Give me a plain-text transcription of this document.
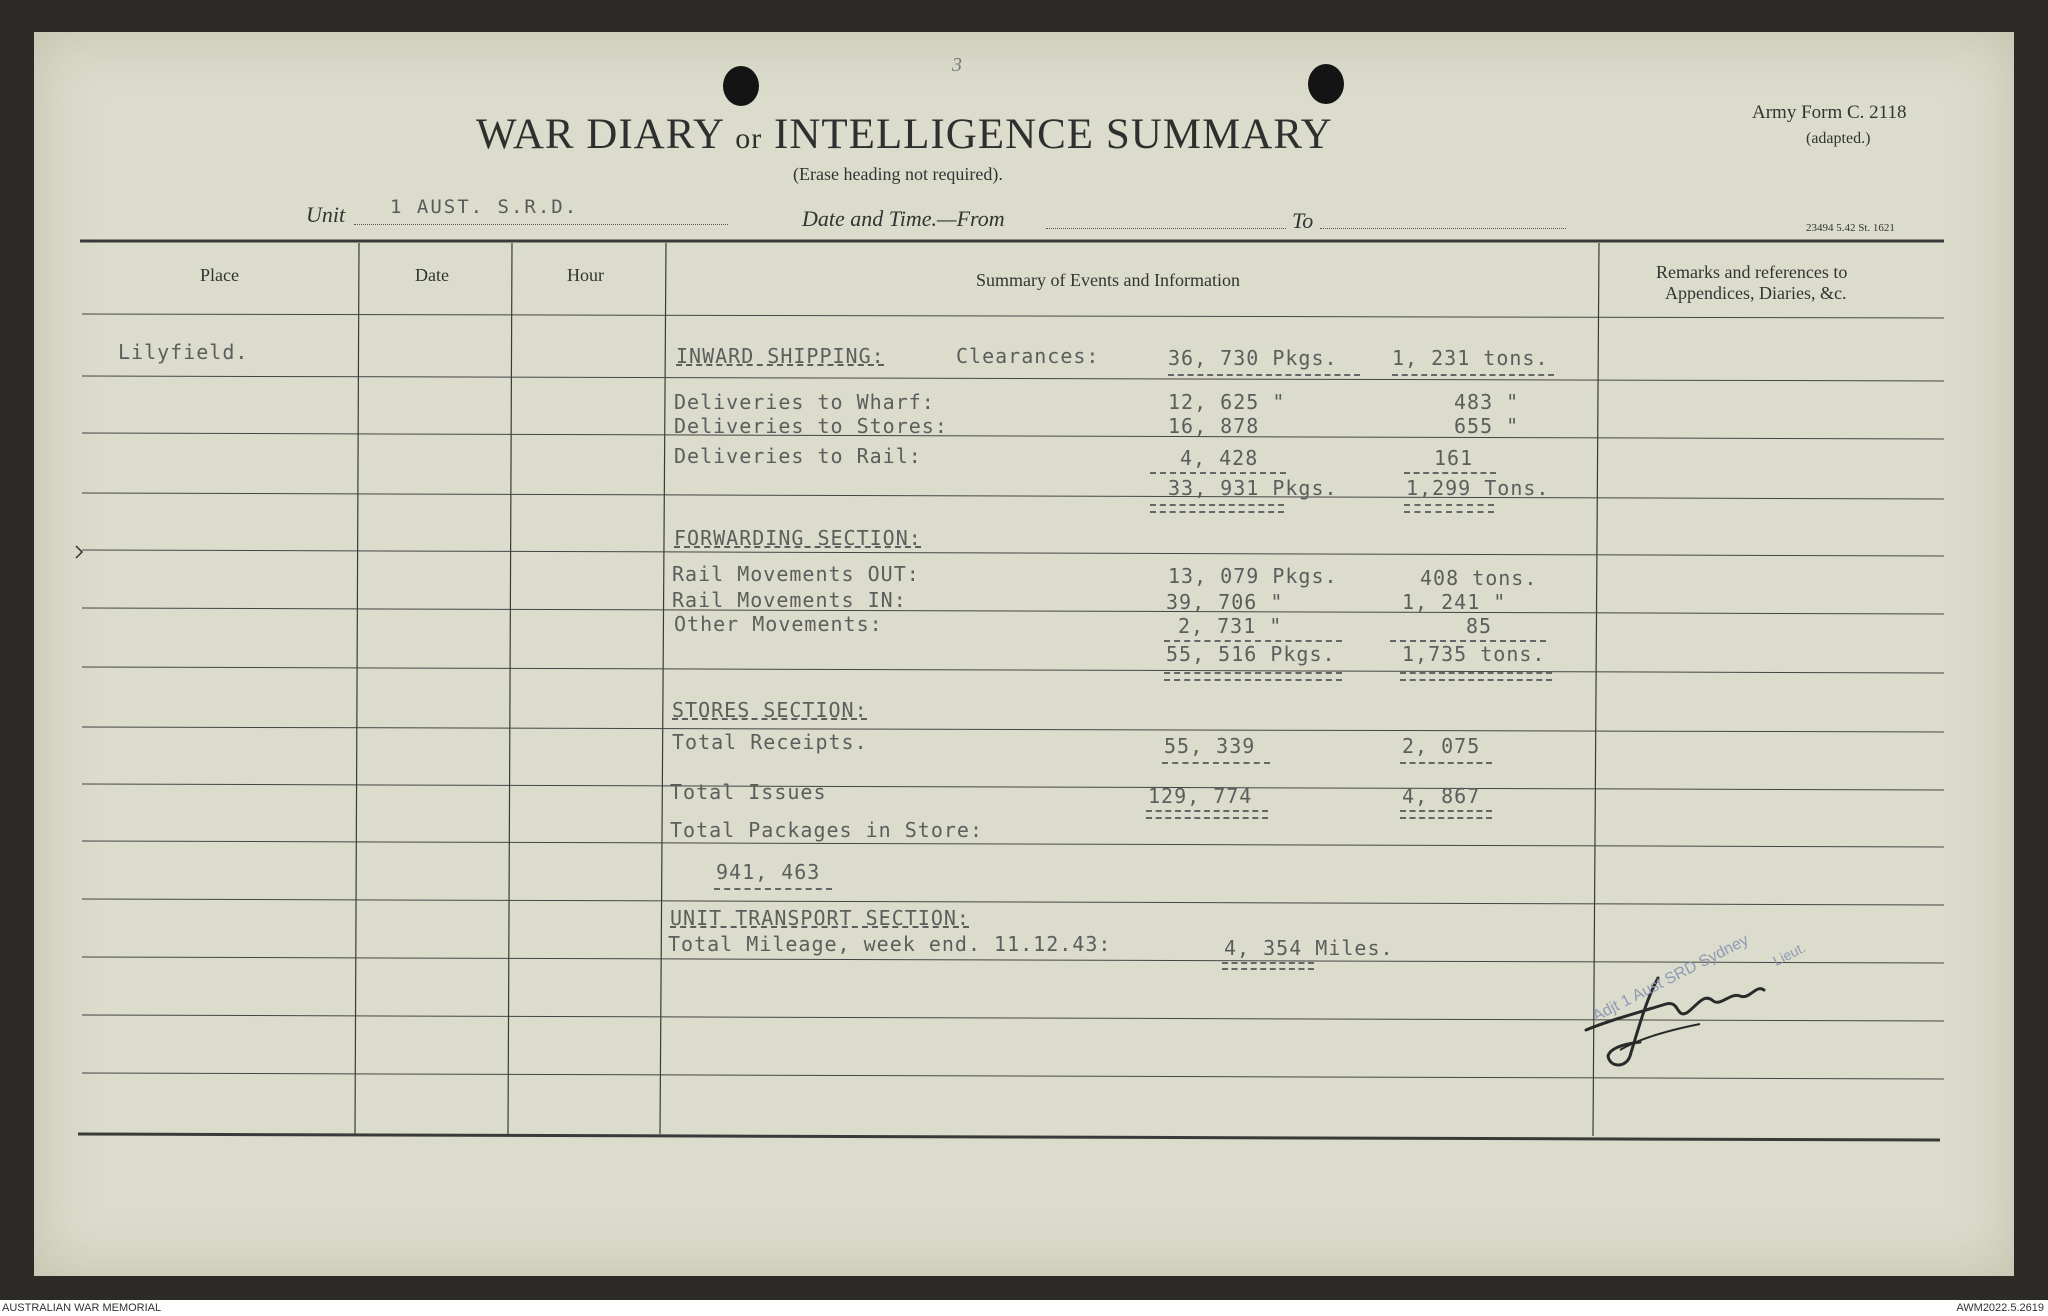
3
WAR DIARY or INTELLIGENCE SUMMARY
(Erase heading not required).
Army Form C. 2118
(adapted.)
23494 5.42 St. 1621
Unit 1 AUST. S.R.D.	Date and Time.—From	To
Place	Date	Hour	Summary of Events and Information	Remarks and references to
Appendices, Diaries, &c.
Lilyfield.	INWARD SHIPPING:	Clearances:	36, 730 Pkgs.	1, 231 tons.
Deliveries to Wharf:	12, 625 "	483 "
Deliveries to Stores:	16, 878	655 "
Deliveries to Rail:	4, 428	161
33, 931 Pkgs.	1,299 Tons.
FORWARDING SECTION:
Rail Movements OUT:	13, 079 Pkgs.	408 tons.
Rail Movements IN:	39, 706 "	1, 241 "
Other Movements:	2, 731 "	85
55, 516 Pkgs.	1,735 tons.
STORES SECTION:
Total Receipts.	55, 339	2, 075
Total Issues	129, 774	4, 867
Total Packages in Store:
941, 463
UNIT TRANSPORT SECTION:
Total Mileage, week end. 11.12.43:	4, 354 Miles.	Adjt 1 Aust SRD Sydney Lieut.
AUSTRALIAN WAR MEMORIAL	AWM2022.5.2619
